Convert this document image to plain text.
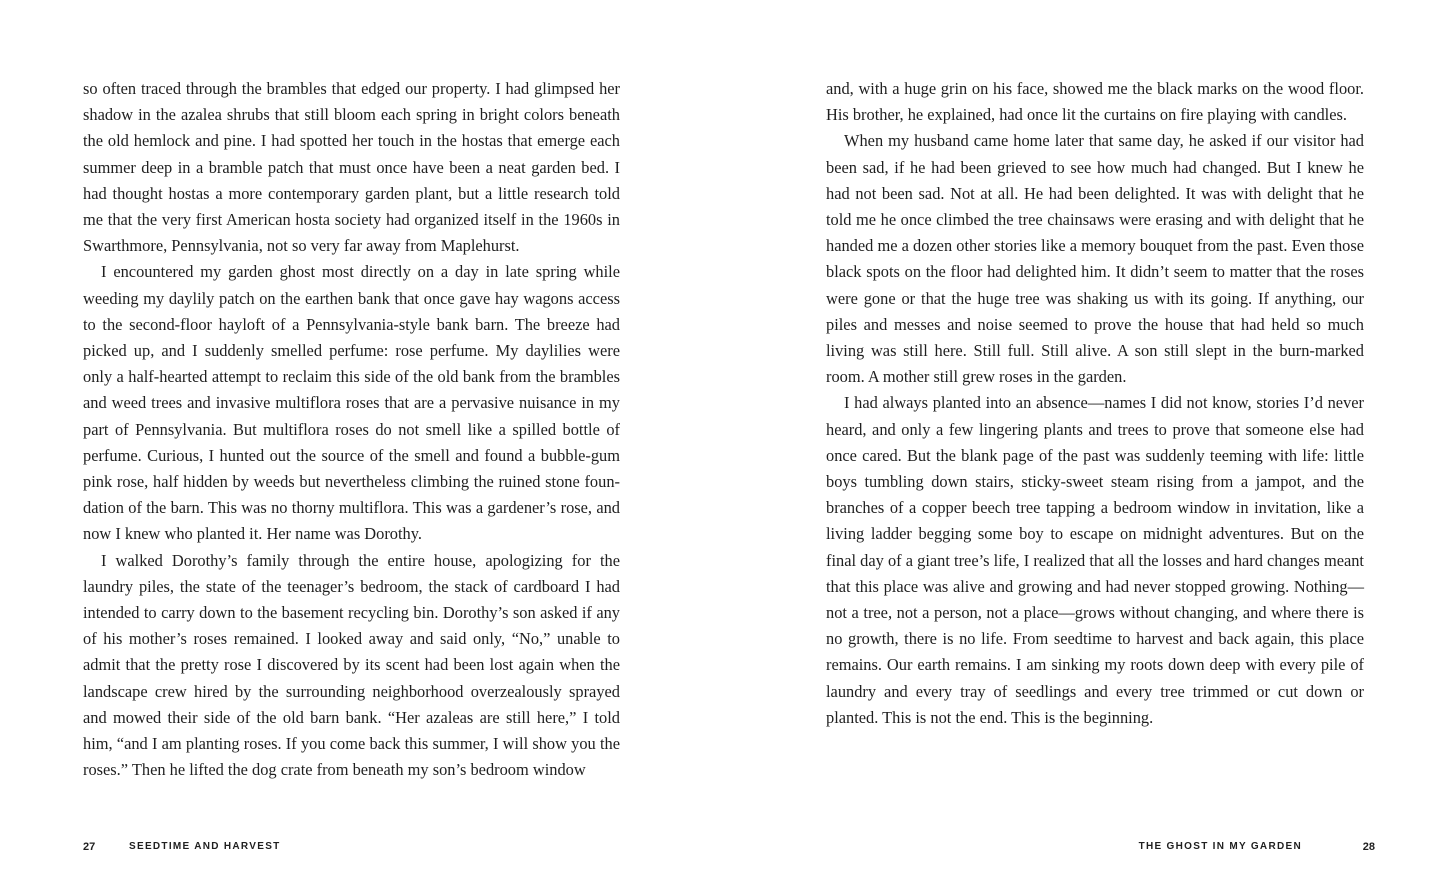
so often traced through the brambles that edged our property. I had glimpsed her shadow in the azalea shrubs that still bloom each spring in bright colors beneath the old hemlock and pine. I had spotted her touch in the hostas that emerge each summer deep in a bramble patch that must once have been a neat garden bed. I had thought hostas a more contemporary garden plant, but a little research told me that the very first American hosta society had organized itself in the 1960s in Swarthmore, Pennsylvania, not so very far away from Maplehurst.

I encountered my garden ghost most directly on a day in late spring while weeding my daylily patch on the earthen bank that once gave hay wagons access to the second-floor hayloft of a Pennsylvania-style bank barn. The breeze had picked up, and I suddenly smelled perfume: rose perfume. My daylilies were only a half-hearted attempt to reclaim this side of the old bank from the brambles and weed trees and invasive multiflora roses that are a pervasive nuisance in my part of Pennsylvania. But multiflora roses do not smell like a spilled bottle of perfume. Curious, I hunted out the source of the smell and found a bubble-gum pink rose, half hidden by weeds but nevertheless climbing the ruined stone foundation of the barn. This was no thorny multiflora. This was a gardener’s rose, and now I knew who planted it. Her name was Dorothy.

I walked Dorothy’s family through the entire house, apologizing for the laundry piles, the state of the teenager’s bedroom, the stack of cardboard I had intended to carry down to the basement recycling bin. Dorothy’s son asked if any of his mother’s roses remained. I looked away and said only, “No,” unable to admit that the pretty rose I discovered by its scent had been lost again when the landscape crew hired by the surrounding neighborhood overzealously sprayed and mowed their side of the old barn bank. “Her azaleas are still here,” I told him, “and I am planting roses. If you come back this summer, I will show you the roses.” Then he lifted the dog crate from beneath my son’s bedroom window

27	SEEDTIME AND HARVEST

and, with a huge grin on his face, showed me the black marks on the wood floor. His brother, he explained, had once lit the curtains on fire playing with candles.

When my husband came home later that same day, he asked if our visitor had been sad, if he had been grieved to see how much had changed. But I knew he had not been sad. Not at all. He had been delighted. It was with delight that he told me he once climbed the tree chainsaws were erasing and with delight that he handed me a dozen other stories like a memory bouquet from the past. Even those black spots on the floor had delighted him. It didn’t seem to matter that the roses were gone or that the huge tree was shaking us with its going. If anything, our piles and messes and noise seemed to prove the house that had held so much living was still here. Still full. Still alive. A son still slept in the burn-marked room. A mother still grew roses in the garden.

I had always planted into an absence—names I did not know, stories I’d never heard, and only a few lingering plants and trees to prove that someone else had once cared. But the blank page of the past was suddenly teeming with life: little boys tumbling down stairs, sticky-sweet steam rising from a jampot, and the branches of a copper beech tree tapping a bedroom window in invitation, like a living ladder begging some boy to escape on midnight adventures. But on the final day of a giant tree’s life, I realized that all the losses and hard changes meant that this place was alive and growing and had never stopped growing. Nothing—not a tree, not a person, not a place—grows without changing, and where there is no growth, there is no life. From seedtime to harvest and back again, this place remains. Our earth remains. I am sinking my roots down deep with every pile of laundry and every tray of seedlings and every tree trimmed or cut down or planted. This is not the end. This is the beginning.

THE GHOST IN MY GARDEN	28
